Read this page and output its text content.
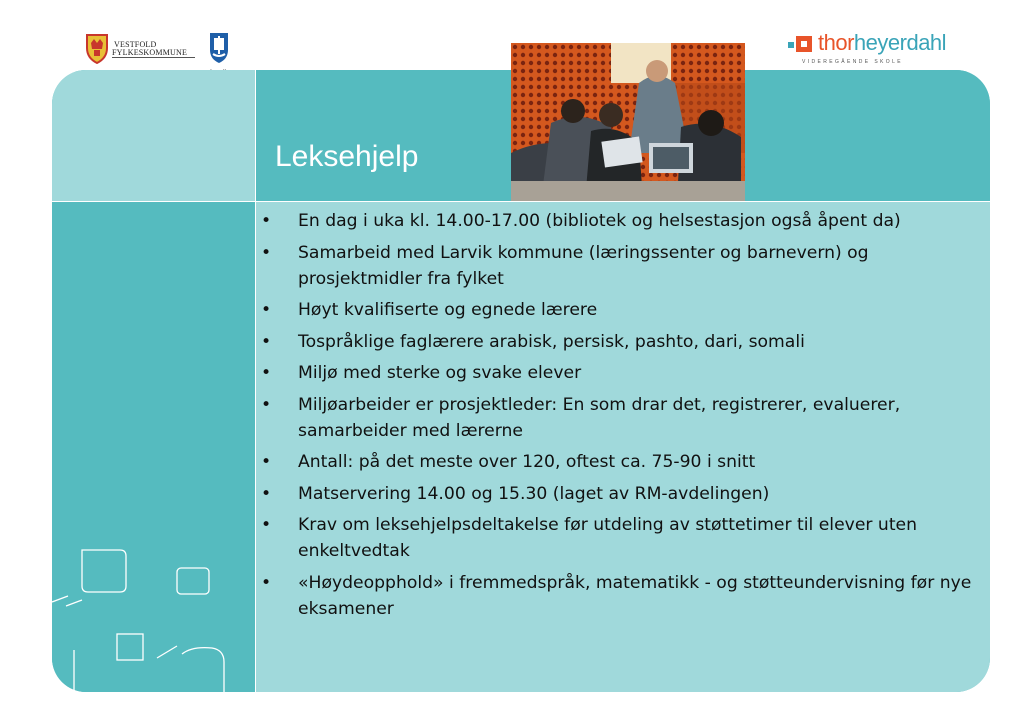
VESTFOLD
FYLKESKOMMUNE	thorheyerdahl
VIDEREGÅENDE SKOLE
Leksehjelp
• En dag i uka kl. 14.00-17.00 (bibliotek og helsestasjon også åpent da)
• Samarbeid med Larvik kommune (læringssenter og barnevern) og prosjektmidler fra fylket
• Høyt kvalifiserte og egnede lærere
• Tospråklige faglærere arabisk, persisk, pashto, dari, somali
• Miljø med sterke og svake elever
• Miljøarbeider er prosjektleder: En som drar det, registrerer, evaluerer, samarbeider med lærerne
• Antall: på det meste over 120, oftest ca. 75-90 i snitt
• Matservering 14.00 og 15.30 (laget av RM-avdelingen)
• Krav om leksehjelpsdeltakelse før utdeling av støttetimer til elever uten enkeltvedtak
• «Høydeopphold» i fremmedspråk, matematikk - og støtteundervisning før nye eksamener
